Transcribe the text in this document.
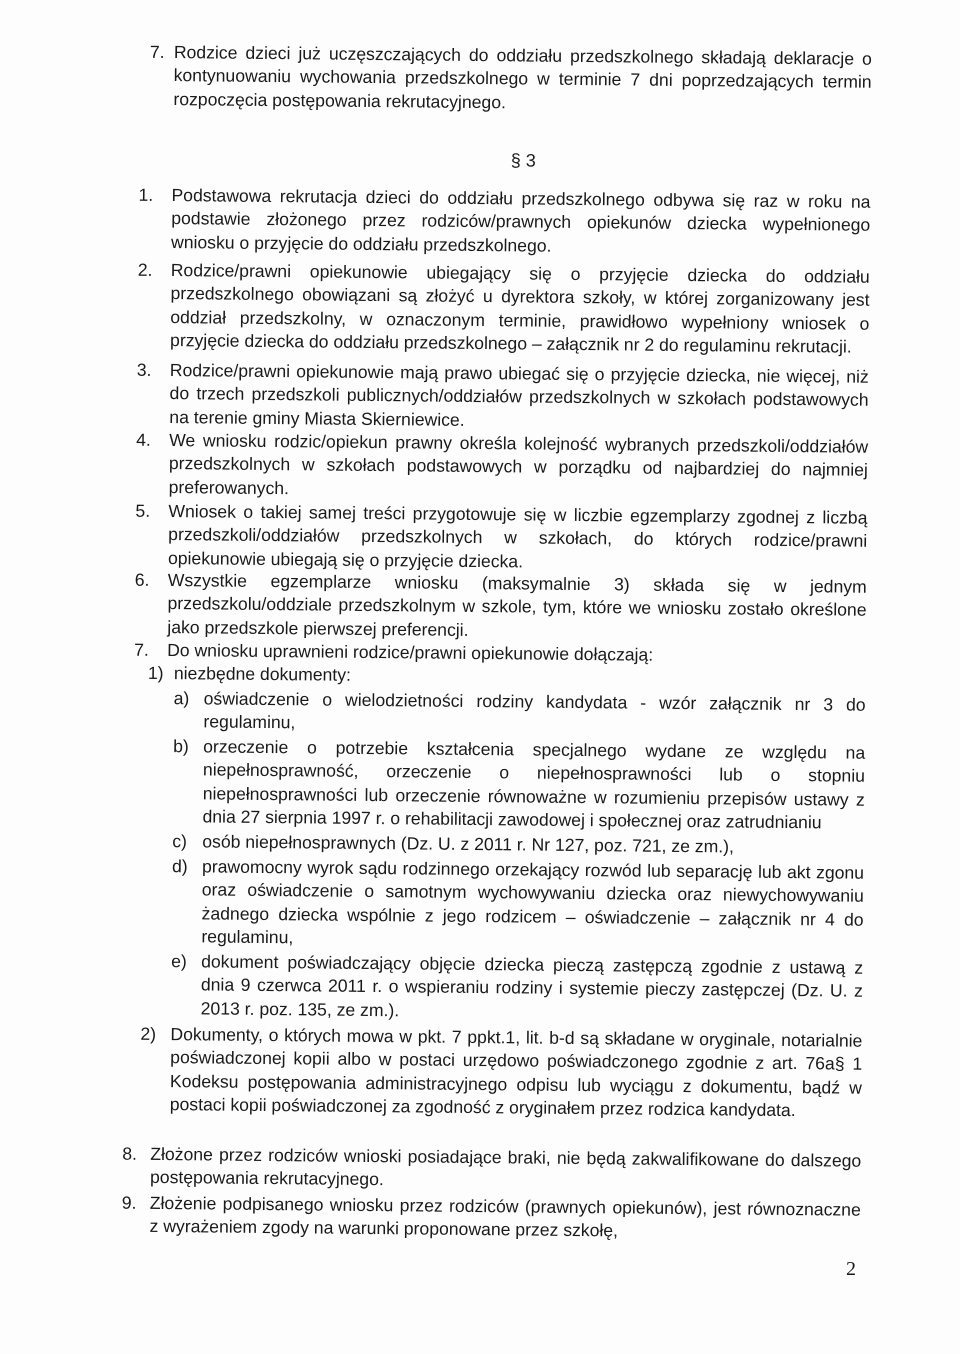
7. Rodzice dzieci już uczęszczających do oddziału przedszkolnego składają deklaracje o kontynuowaniu wychowania przedszkolnego w terminie 7 dni poprzedzających termin rozpoczęcia postępowania rekrutacyjnego.
§ 3
1.	Podstawowa rekrutacja dzieci do oddziału przedszkolnego odbywa się raz w roku na podstawie złożonego przez rodziców/prawnych opiekunów dziecka wypełnionego wniosku o przyjęcie do oddziału przedszkolnego.
2.	Rodzice/prawni opiekunowie ubiegający się o przyjęcie dziecka do oddziału przedszkolnego obowiązani są złożyć u dyrektora szkoły, w której zorganizowany jest oddział przedszkolny, w oznaczonym terminie, prawidłowo wypełniony wniosek o przyjęcie dziecka do oddziału przedszkolnego – załącznik nr 2 do regulaminu rekrutacji.
3.	Rodzice/prawni opiekunowie mają prawo ubiegać się o przyjęcie dziecka, nie więcej, niż do trzech przedszkoli publicznych/oddziałów przedszkolnych w szkołach podstawowych na terenie gminy Miasta Skierniewice.
4.	We wniosku rodzic/opiekun prawny określa kolejność wybranych przedszkoli/oddziałów przedszkolnych w szkołach podstawowych w porządku od najbardziej do najmniej preferowanych.
5.	Wniosek o takiej samej treści przygotowuje się w liczbie egzemplarzy zgodnej z liczbą przedszkoli/oddziałów przedszkolnych w szkołach, do których rodzice/prawni opiekunowie ubiegają się o przyjęcie dziecka.
6.	Wszystkie egzemplarze wniosku (maksymalnie 3) składa się w jednym przedszkolu/oddziale przedszkolnym w szkole, tym, które we wniosku zostało określone jako przedszkole pierwszej preferencji.
7.	Do wniosku uprawnieni rodzice/prawni opiekunowie dołączają:
1) niezbędne dokumenty:
a) oświadczenie o wielodzietności rodziny kandydata - wzór załącznik nr 3 do regulaminu,
b) orzeczenie o potrzebie kształcenia specjalnego wydane ze względu na niepełnosprawność, orzeczenie o niepełnosprawności lub o stopniu niepełnosprawności lub orzeczenie równoważne w rozumieniu przepisów ustawy z dnia 27 sierpnia 1997 r. o rehabilitacji zawodowej i społecznej oraz zatrudnianiu
c) osób niepełnosprawnych (Dz. U. z 2011 r. Nr 127, poz. 721, ze zm.),
d) prawomocny wyrok sądu rodzinnego orzekający rozwód lub separację lub akt zgonu oraz oświadczenie o samotnym wychowywaniu dziecka oraz niewychowywaniu żadnego dziecka wspólnie z jego rodzicem – oświadczenie – załącznik nr 4 do regulaminu,
e) dokument poświadczający objęcie dziecka pieczą zastępczą zgodnie z ustawą z dnia 9 czerwca 2011 r. o wspieraniu rodziny i systemie pieczy zastępczej (Dz. U. z 2013 r. poz. 135, ze zm.).
2) Dokumenty, o których mowa w pkt. 7 ppkt.1, lit. b-d są składane w oryginale, notarialnie poświadczonej kopii albo w postaci urzędowo poświadczonego zgodnie z art. 76a§ 1 Kodeksu postępowania administracyjnego odpisu lub wyciągu z dokumentu, bądź w postaci kopii poświadczonej za zgodność z oryginałem przez rodzica kandydata.
8. Złożone przez rodziców wnioski posiadające braki, nie będą zakwalifikowane do dalszego postępowania rekrutacyjnego.
9. Złożenie podpisanego wniosku przez rodziców (prawnych opiekunów), jest równoznaczne z wyrażeniem zgody na warunki proponowane przez szkołę,
2
